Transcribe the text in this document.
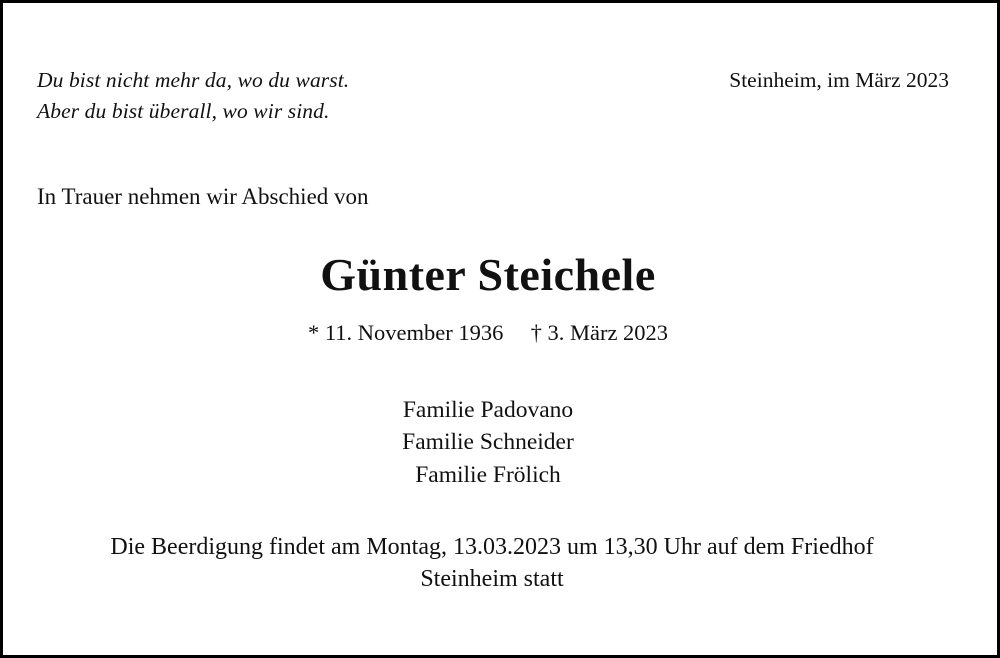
Du bist nicht mehr da, wo du warst.
Aber du bist überall, wo wir sind.
Steinheim, im März 2023
In Trauer nehmen wir Abschied von
Günter Steichele
* 11. November 1936 † 3. März 2023
Familie Padovano
Familie Schneider
Familie Frölich
Die Beerdigung findet am Montag, 13.03.2023 um 13,30 Uhr auf dem Friedhof
Steinheim statt
